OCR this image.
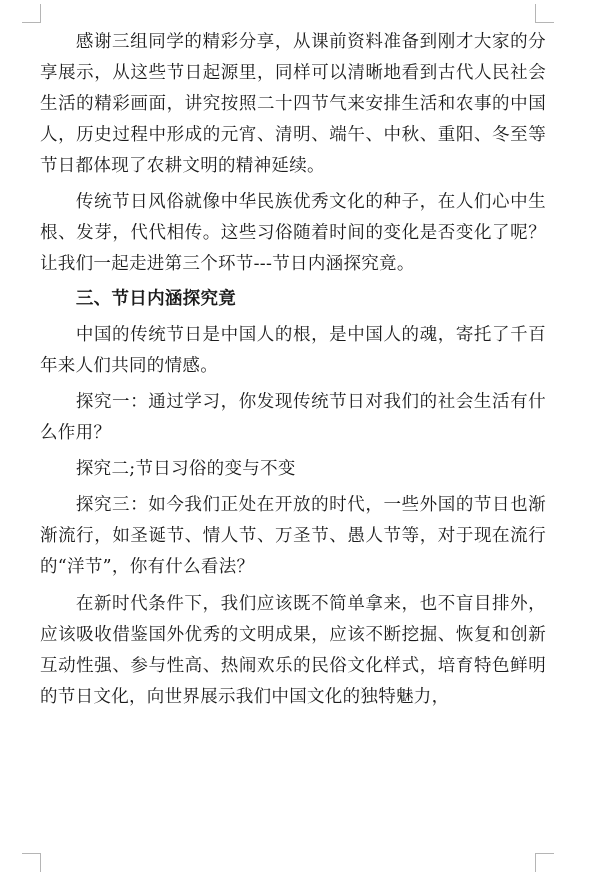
感谢三组同学的精彩分享，从课前资料准备到刚才大家的分享展示，从这些节日起源里，同样可以清晰地看到古代人民社会生活的精彩画面，讲究按照二十四节气来安排生活和农事的中国人，历史过程中形成的元宵、清明、端午、中秋、重阳、冬至等节日都体现了农耕文明的精神延续。

传统节日风俗就像中华民族优秀文化的种子，在人们心中生根、发芽，代代相传。这些习俗随着时间的变化是否变化了呢？让我们一起走进第三个环节---节日内涵探究竟。

三、节日内涵探究竟

中国的传统节日是中国人的根，是中国人的魂，寄托了千百年来人们共同的情感。

探究一：通过学习，你发现传统节日对我们的社会生活有什么作用？

探究二;节日习俗的变与不变

探究三：如今我们正处在开放的时代，一些外国的节日也渐渐流行，如圣诞节、情人节、万圣节、愚人节等，对于现在流行的“洋节”，你有什么看法？

在新时代条件下，我们应该既不简单拿来，也不盲目排外，应该吸收借鉴国外优秀的文明成果，应该不断挖掘、恢复和创新互动性强、参与性高、热闹欢乐的民俗文化样式，培育特色鲜明的节日文化，向世界展示我们中国文化的独特魅力，
